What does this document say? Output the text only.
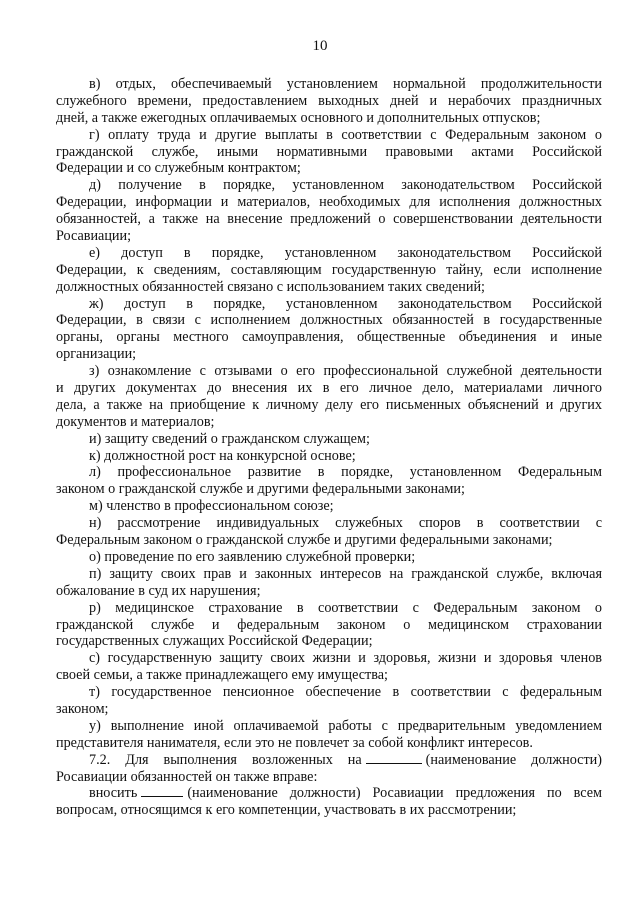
10
в) отдых, обеспечиваемый установлением нормальной продолжительности
служебного времени, предоставлением выходных дней и нерабочих праздничных
дней, а также ежегодных оплачиваемых основного и дополнительных отпусков;
г) оплату труда и другие выплаты в соответствии с Федеральным законом о
гражданской службе, иными нормативными правовыми актами Российской
Федерации и со служебным контрактом;
д) получение в порядке, установленном законодательством Российской
Федерации, информации и материалов, необходимых для исполнения должностных
обязанностей, а также на внесение предложений о совершенствовании деятельности
Росавиации;
е) доступ в порядке, установленном законодательством Российской
Федерации, к сведениям, составляющим государственную тайну, если исполнение
должностных обязанностей связано с использованием таких сведений;
ж) доступ в порядке, установленном законодательством Российской
Федерации, в связи с исполнением должностных обязанностей в государственные
органы, органы местного самоуправления, общественные объединения и иные
организации;
з) ознакомление с отзывами о его профессиональной служебной деятельности
и других документах до внесения их в его личное дело, материалами личного
дела, а также на приобщение к личному делу его письменных объяснений и других
документов и материалов;
и) защиту сведений о гражданском служащем;
к) должностной рост на конкурсной основе;
л) профессиональное развитие в порядке, установленном Федеральным
законом о гражданской службе и другими федеральными законами;
м) членство в профессиональном союзе;
н) рассмотрение индивидуальных служебных споров в соответствии с
Федеральным законом о гражданской службе и другими федеральными законами;
о) проведение по его заявлению служебной проверки;
п) защиту своих прав и законных интересов на гражданской службе, включая
обжалование в суд их нарушения;
р) медицинское страхование в соответствии с Федеральным законом о
гражданской службе и федеральным законом о медицинском страховании
государственных служащих Российской Федерации;
с) государственную защиту своих жизни и здоровья, жизни и здоровья членов
своей семьи, а также принадлежащего ему имущества;
т) государственное пенсионное обеспечение в соответствии с федеральным
законом;
у) выполнение иной оплачиваемой работы с предварительным уведомлением
представителя нанимателя, если это не повлечет за собой конфликт интересов.
7.2. Для выполнения возложенных на	(наименование должности)
Росавиации обязанностей он также вправе:
вносить	(наименование должности) Росавиации предложения по всем
вопросам, относящимся к его компетенции, участвовать в их рассмотрении;
